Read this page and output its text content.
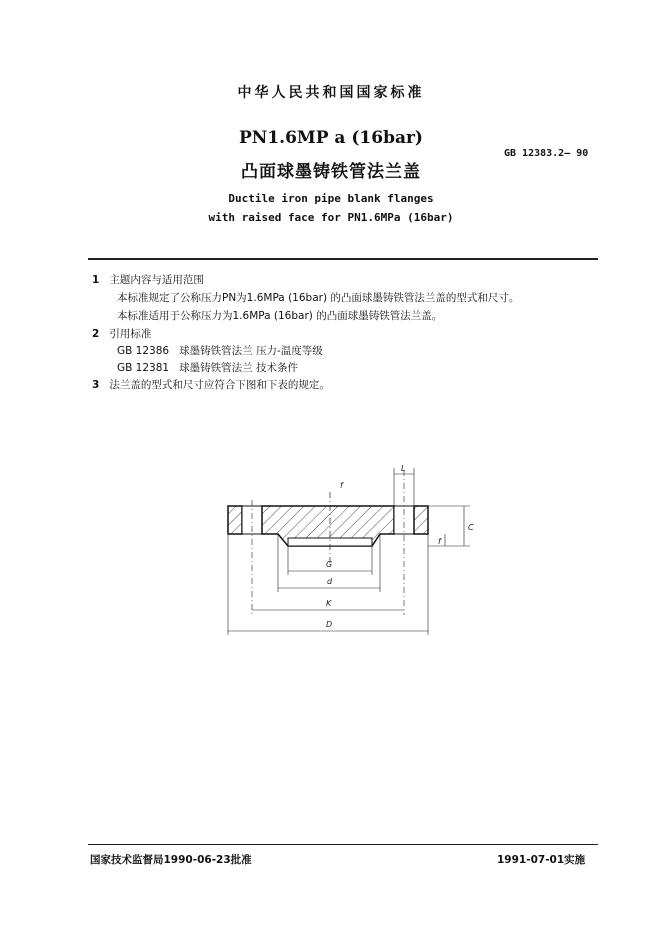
中华人民共和国国家标准
PN1.6MP a (16bar)
凸面球墨铸铁管法兰盖
GB 12383.2— 90
Ductile iron pipe blank flanges
with raised face for PN1.6MPa (16bar)
1 主题内容与适用范围
本标准规定了公称压力PN为1.6MPa (16bar) 的凸面球墨铸铁管法兰盖的型式和尺寸。
本标准适用于公称压力为1.6MPa (16bar) 的凸面球墨铸铁管法兰盖。
2 引用标准
GB 12386 球墨铸铁管法兰 压力-温度等级
GB 12381 球墨铸铁管法兰 技术条件
3 法兰盖的型式和尺寸应符合下图和下表的规定。
L
C
f
f
G
d
K
D
国家技术监督局1990-06-23批准	1991-07-01实施
